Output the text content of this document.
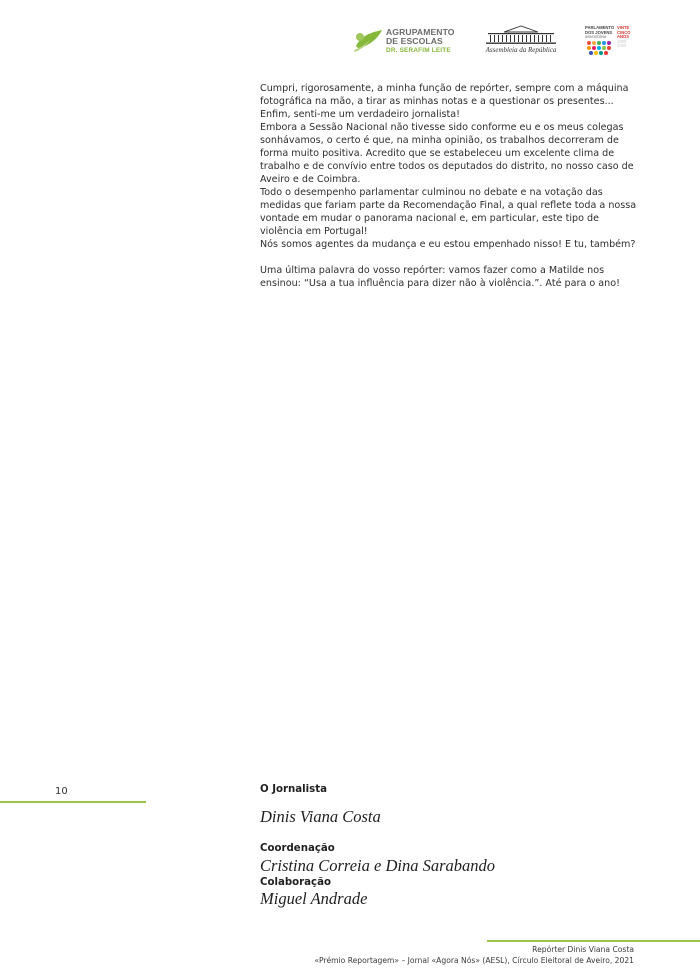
AGRUPAMENTO
DE ESCOLAS
DR. SERAFIM LEITE	Assembleia da República
PARLAMENTO
DOS JOVENS
assembleia
VINTE
CINCO
ANOS
1995
2020

Cumpri, rigorosamente, a minha função de repórter, sempre com a máquina fotográfica na mão, a tirar as minhas notas e a questionar os presentes... Enfim, senti-me um verdadeiro jornalista!

Embora a Sessão Nacional não tivesse sido conforme eu e os meus colegas sonhávamos, o certo é que, na minha opinião, os trabalhos decorreram de forma muito positiva. Acredito que se estabeleceu um excelente clima de trabalho e de convívio entre todos os deputados do distrito, no nosso caso de Aveiro e de Coimbra.

Todo o desempenho parlamentar culminou no debate e na votação das medidas que fariam parte da Recomendação Final, a qual reflete toda a nossa vontade em mudar o panorama nacional e, em particular, este tipo de violência em Portugal!

Nós somos agentes da mudança e eu estou empenhado nisso! E tu, também?

Uma última palavra do vosso repórter: vamos fazer como a Matilde nos ensinou: “Usa a tua influência para dizer não à violência.”. Até para o ano!

10	O Jornalista
Dinis Viana Costa
Coordenação
Cristina Correia e Dina Sarabando
Colaboração
Miguel Andrade
Repórter Dinis Viana Costa
«Prémio Reportagem» – Jornal «Agora Nós» (AESL), Círculo Eleitoral de Aveiro, 2021
